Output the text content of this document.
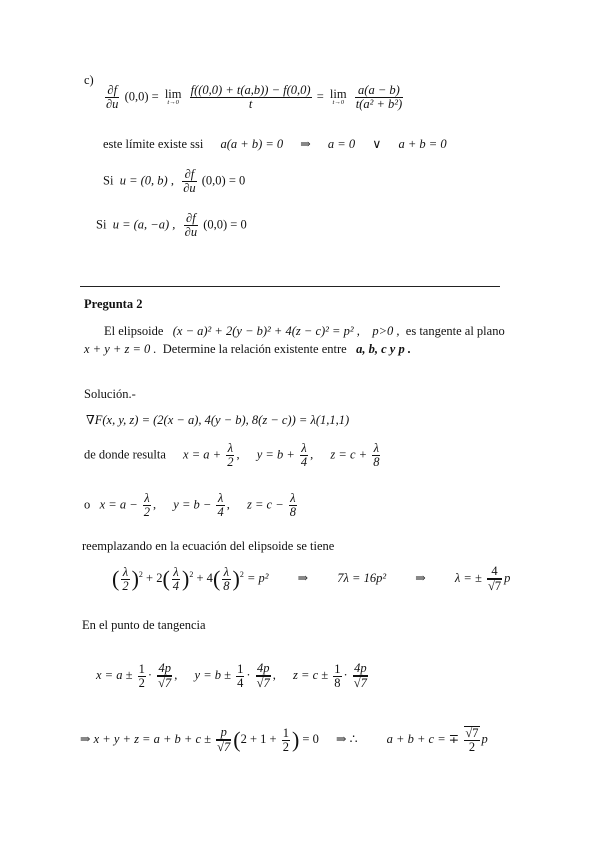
c)
$\frac{\partial f}{\partial u} (0,0) = \lim$
t→0
$\frac{f((0,0) + t(a,b)) - f(0,0)}{t} = \lim$
t→0
$\frac{a(a - b)}{\text{t(a² + b²)}}$
este límite existe ssi a(a + b) = 0 ⇒ a = 0 ∨ a + b = 0
Si u = (0, b) , $\frac{\partial f}{\partial u} (0,0) = 0$
Si u = (a, −a) , $\frac{\partial f}{\partial u} (0,0) = 0$
Pregunta 2
El elipsoide (x − a)² + 2(y − b)² + 4(z − c)² = p² , p>0 , es tangente al plano
x + y + z = 0 . Determine la relación existente entre a, b, c y p .
Solución.-
∇F(x, y, z) = (2(x − a), 4(y − b), 8(z − c)) = λ(1,1,1)
de donde resulta $x = a + \frac{\lambda}{2}$ , $y = b + \frac{\lambda}{4}$ , $z = c + \frac{\lambda}{8}$
o $x = a - \frac{\lambda}{2}$ , $y = b - \frac{\lambda}{4}$ , $z = c - \frac{\lambda}{8}$
reemplazando en la ecuación del elipsoide se tiene
( $\frac{\lambda}{2} )^2 + 2( \frac{\lambda}{4} )^2 + 4( \frac{\lambda}{8} )^2 = p^2$ ⇒ 7λ = 16p² ⇒ λ = ± $\frac{4}{√7}$ p
En el punto de tangencia
$x = a \pm \frac{1}{2} \cdot \frac{4p}{√7}$ , $y = b \pm \frac{1}{4} \cdot \frac{4p}{√7}$ , $z = c \pm \frac{1}{8} \cdot \frac{4p}{√7}$
⇒ $x + y + z = a + b + c \pm \frac{p}{√7} (2 + 1 + \frac{1}{2}$ ) = 0 ⇒ ∴ a + b + c = ∓ $\frac{√7}{2}$ p
